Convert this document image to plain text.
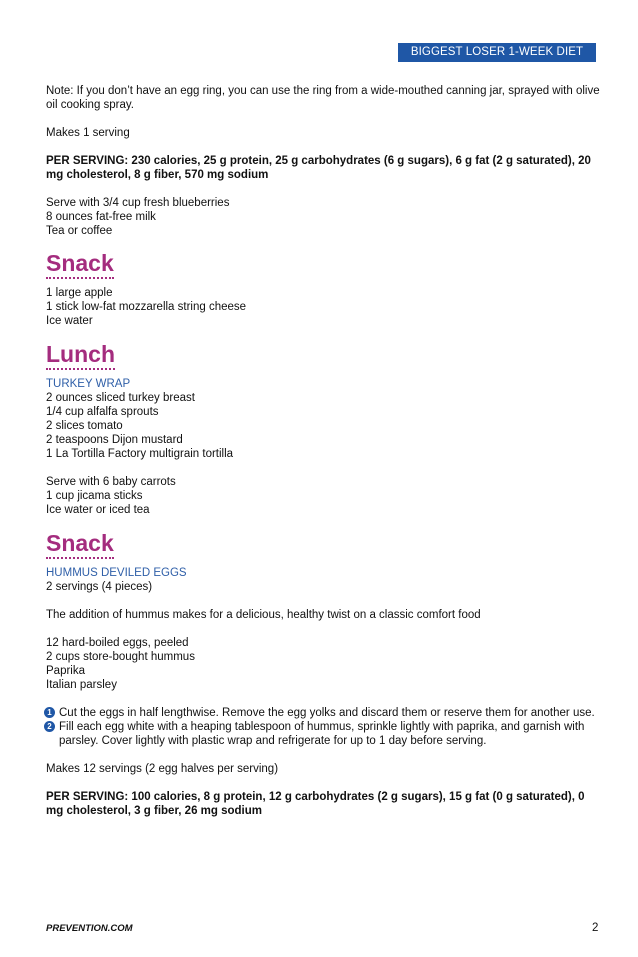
BIGGEST LOSER 1-WEEK DIET PLAN

Note: If you don’t have an egg ring, you can use the ring from a wide-mouthed canning jar, sprayed with olive oil cooking spray.

Makes 1 serving

PER SERVING: 230 calories, 25 g protein, 25 g carbohydrates (6 g sugars), 6 g fat (2 g saturated), 20 mg cholesterol, 8 g fiber, 570 mg sodium

Serve with 3/4 cup fresh blueberries
8 ounces fat-free milk
Tea or coffee

Snack

1 large apple
1 stick low-fat mozzarella string cheese
Ice water

Lunch

TURKEY WRAP

2 ounces sliced turkey breast
1/4 cup alfalfa sprouts
2 slices tomato
2 teaspoons Dijon mustard
1 La Tortilla Factory multigrain tortilla

Serve with 6 baby carrots
1 cup jicama sticks
Ice water or iced tea

Snack

HUMMUS DEVILED EGGS

2 servings (4 pieces)

The addition of hummus makes for a delicious, healthy twist on a classic comfort food

12 hard-boiled eggs, peeled
2 cups store-bought hummus
Paprika
Italian parsley

1 Cut the eggs in half lengthwise. Remove the egg yolks and discard them or reserve them for another use.
2 Fill each egg white with a heaping tablespoon of hummus, sprinkle lightly with paprika, and garnish with parsley. Cover lightly with plastic wrap and refrigerate for up to 1 day before serving.

Makes 12 servings (2 egg halves per serving)

PER SERVING: 100 calories, 8 g protein, 12 g carbohydrates (2 g sugars), 15 g fat (0 g saturated), 0 mg cholesterol, 3 g fiber, 26 mg sodium

PREVENTION.COM	2
